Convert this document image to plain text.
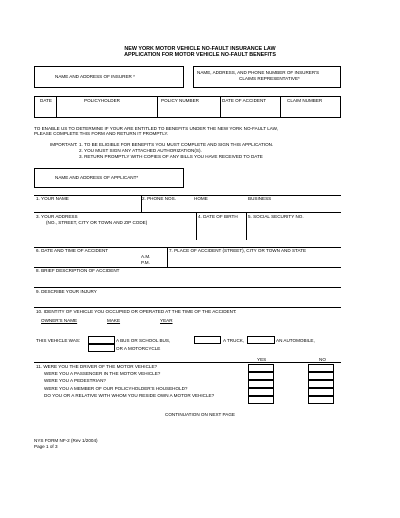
NEW YORK MOTOR VEHICLE NO-FAULT INSURANCE LAW
APPLICATION FOR MOTOR VEHICLE NO-FAULT BENEFITS
NAME AND ADDRESS OF INSURER *
NAME, ADDRESS, AND PHONE NUMBER OF INSURER'S
CLAIMS REPRESENTATIVE*
DATE	POLICYHOLDER	POLICY NUMBER	DATE OF ACCIDENT	CLAIM NUMBER
TO ENABLE US TO DETERMINE IF YOUR ARE ENTITLED TO BENEFITS UNDER THE NEW YORK NO-FAULT LAW,
PLEASE COMPLETE THIS FORM AND RETURN IT PROMPTLY.
IMPORTANT: 1. TO BE ELIGIBLE FOR BENEFITS YOU MUST COMPLETE AND SIGN THIS APPLICATION.
2. YOU MUST SIGN ANY ATTACHED AUTHORIZATION(S).
3. RETURN PROMPTLY WITH COPIES OF ANY BILLS YOU HAVE RECEIVED TO DATE
NAME AND ADDRESS OF APPLICANT*
1. YOUR NAME	2. PHONE NOS.	HOME	BUSINESS
3. YOUR ADDRESS
(NO., STREET, CITY OR TOWN AND ZIP CODE)
4. DATE OF BIRTH 5. SOCIAL SECURITY NO.
6. DATE AND TIME OF ACCIDENT
A.M.
P.M.
7. PLACE OF ACCIDENT (STREET), CITY OR TOWN AND STATE
8. BRIEF DESCRIPTION OF ACCIDENT
9. DESCRIBE YOUR INJURY
10. IDENTITY OF VEHICLE YOU OCCUPIED OR OPERATED AT THE TIME OF THE ACCIDENT:
OWNER'S NAME	MAKE	YEAR
THIS VEHICLE WAS:	A BUS OR SCHOOL BUS,
OR A MOTORCYCLE
A TRUCK,	AN AUTOMOBILE,
YES	NO
11. WERE YOU THE DRIVER OF THE MOTOR VEHICLE?
WERE YOU A PASSENGER IN THE MOTOR VEHICLE?
WERE YOU A PEDESTRIAN?
WERE YOU A MEMBER OF OUR POLICYHOLDER'S HOUSEHOLD?
DO YOU OR A RELATIVE WITH WHOM YOU RESIDE OWN A MOTOR VEHICLE?
CONTINUATION ON NEXT PAGE
NYS FORM NF-2 (Rev 1/2004)
Page 1 of 3
